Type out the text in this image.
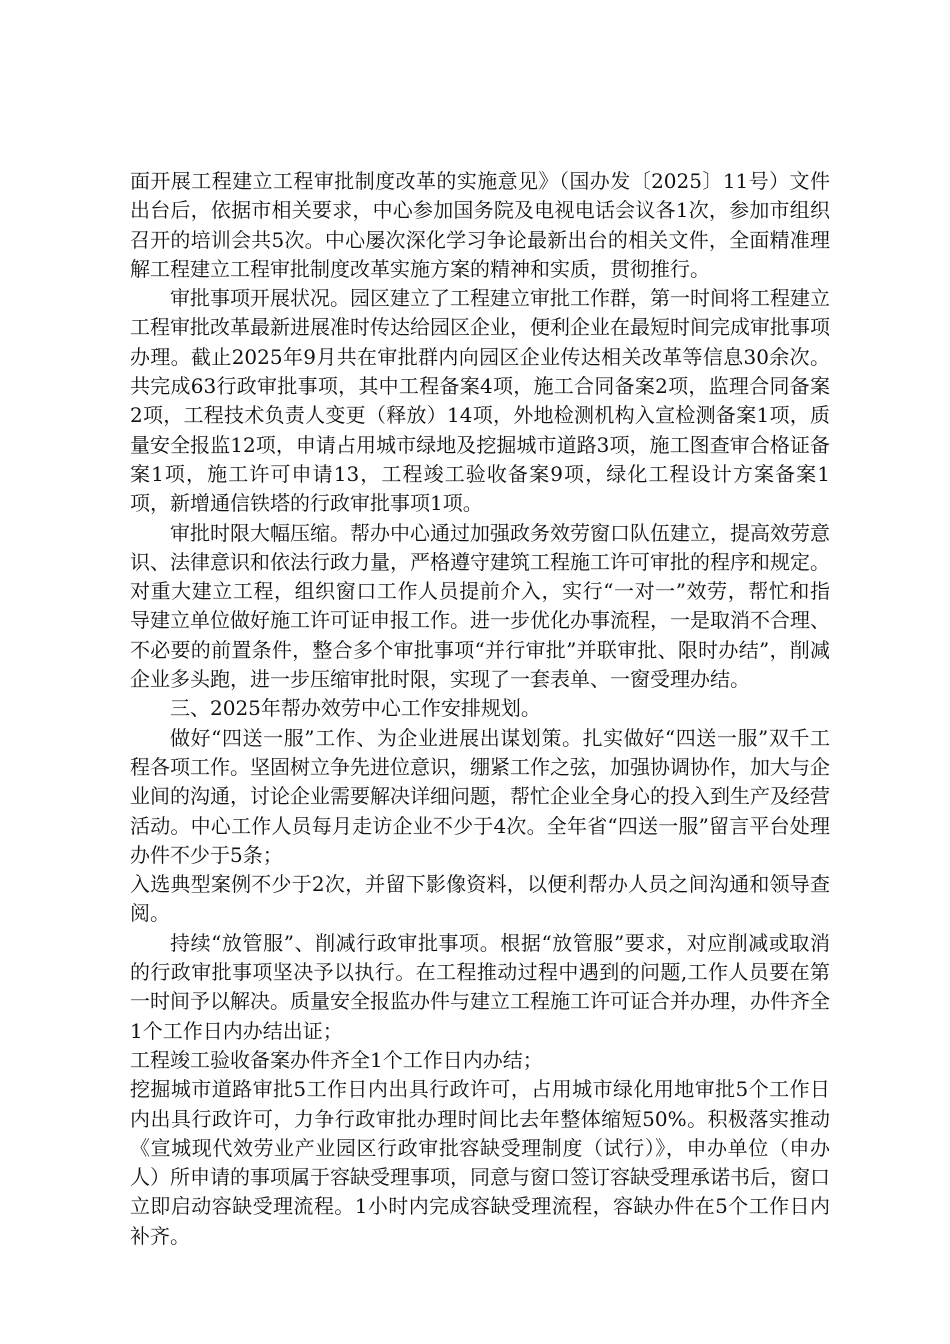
面开展工程建立工程审批制度改革的实施意见》（国办发〔2025〕11号）文件出台后，依据市相关要求，中心参加国务院及电视电话会议各1次，参加市组织召开的培训会共5次。中心屡次深化学习争论最新出台的相关文件，全面精准理解工程建立工程审批制度改革实施方案的精神和实质，贯彻推行。

审批事项开展状况。园区建立了工程建立审批工作群，第一时间将工程建立工程审批改革最新进展准时传达给园区企业，便利企业在最短时间完成审批事项办理。截止2025年9月共在审批群内向园区企业传达相关改革等信息30余次。共完成63行政审批事项，其中工程备案4项，施工合同备案2项，监理合同备案2项，工程技术负责人变更（释放）14项，外地检测机构入宣检测备案1项，质量安全报监12项，申请占用城市绿地及挖掘城市道路3项，施工图查审合格证备案1项，施工许可申请13，工程竣工验收备案9项，绿化工程设计方案备案1项，新增通信铁塔的行政审批事项1项。

审批时限大幅压缩。帮办中心通过加强政务效劳窗口队伍建立，提高效劳意识、法律意识和依法行政力量，严格遵守建筑工程施工许可审批的程序和规定。对重大建立工程，组织窗口工作人员提前介入，实行“一对一”效劳，帮忙和指导建立单位做好施工许可证申报工作。进一步优化办事流程，一是取消不合理、不必要的前置条件，整合多个审批事项“并行审批”并联审批、限时办结”，削减企业多头跑，进一步压缩审批时限，实现了一套表单、一窗受理办结。

三、2025年帮办效劳中心工作安排规划。

做好“四送一服”工作、为企业进展出谋划策。扎实做好“四送一服”双千工程各项工作。坚固树立争先进位意识，绷紧工作之弦，加强协调协作，加大与企业间的沟通，讨论企业需要解决详细问题，帮忙企业全身心的投入到生产及经营活动。中心工作人员每月走访企业不少于4次。全年省“四送一服”留言平台处理办件不少于5条；

入选典型案例不少于2次，并留下影像资料，以便利帮办人员之间沟通和领导查阅。

持续“放管服”、削减行政审批事项。根据“放管服”要求，对应削减或取消的行政审批事项坚决予以执行。在工程推动过程中遇到的问题,工作人员要在第一时间予以解决。质量安全报监办件与建立工程施工许可证合并办理，办件齐全1个工作日内办结出证；

工程竣工验收备案办件齐全1个工作日内办结；

挖掘城市道路审批5工作日内出具行政许可，占用城市绿化用地审批5个工作日内出具行政许可，力争行政审批办理时间比去年整体缩短50%。积极落实推动《宣城现代效劳业产业园区行政审批容缺受理制度（试行）》，申办单位（申办人）所申请的事项属于容缺受理事项，同意与窗口签订容缺受理承诺书后，窗口立即启动容缺受理流程。1小时内完成容缺受理流程，容缺办件在5个工作日内补齐。
